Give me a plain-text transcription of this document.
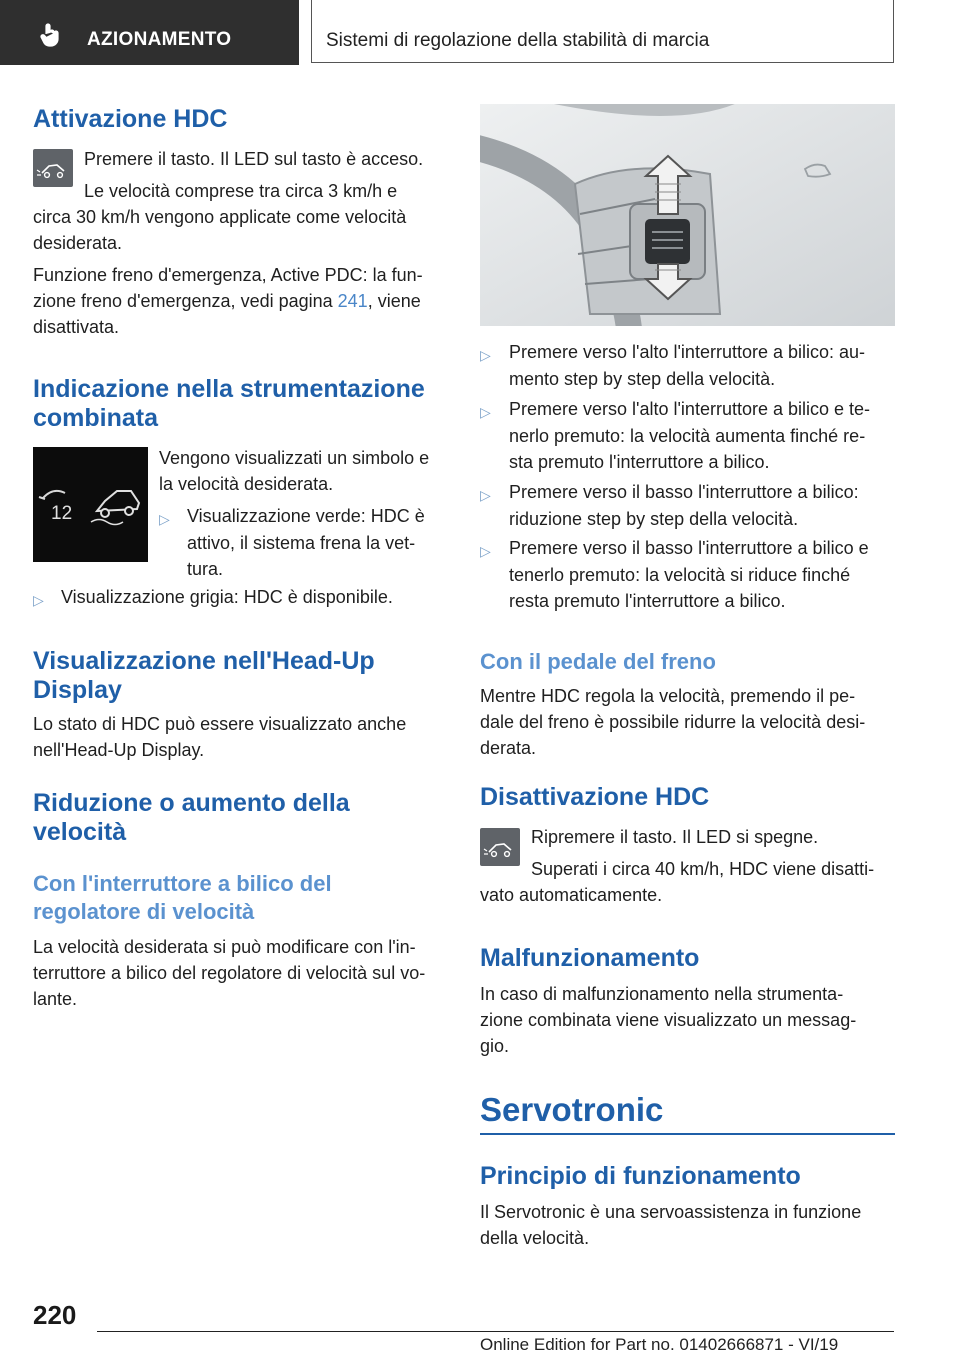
AZIONAMENTO	Sistemi di regolazione della stabilità di marcia
Attivazione HDC
Premere il tasto. Il LED sul tasto è acceso.
Le velocità comprese tra circa 3 km/h e
circa 30 km/h vengono applicate come velocità
desiderata.
Funzione freno d'emergenza, Active PDC: la fun‐
zione freno d'emergenza, vedi pagina 241, viene
disattivata.
Indicazione nella strumentazione
combinata
12
Vengono visualizzati un simbolo e
la velocità desiderata.
▷ Visualizzazione verde: HDC è
attivo, il sistema frena la vet‐
tura.
▷ Visualizzazione grigia: HDC è disponibile.
Visualizzazione nell'Head-Up
Display
Lo stato di HDC può essere visualizzato anche
nell'Head-Up Display.
Riduzione o aumento della
velocità
Con l'interruttore a bilico del
regolatore di velocità
La velocità desiderata si può modificare con l'in‐
terruttore a bilico del regolatore di velocità sul vo‐
lante.
▷ Premere verso l'alto l'interruttore a bilico: au‐
mento step by step della velocità.
▷ Premere verso l'alto l'interruttore a bilico e te‐
nerlo premuto: la velocità aumenta finché re‐
sta premuto l'interruttore a bilico.
▷ Premere verso il basso l'interruttore a bilico:
riduzione step by step della velocità.
▷ Premere verso il basso l'interruttore a bilico e
tenerlo premuto: la velocità si riduce finché
resta premuto l'interruttore a bilico.
Con il pedale del freno
Mentre HDC regola la velocità, premendo il pe‐
dale del freno è possibile ridurre la velocità desi‐
derata.
Disattivazione HDC
Ripremere il tasto. Il LED si spegne.
Superati i circa 40 km/h, HDC viene disatti‐
vato automaticamente.
Malfunzionamento
In caso di malfunzionamento nella strumenta‐
zione combinata viene visualizzato un messag‐
gio.
Servotronic
Principio di funzionamento
Il Servotronic è una servoassistenza in funzione
della velocità.
220
Online Edition for Part no. 01402666871 - VI/19
